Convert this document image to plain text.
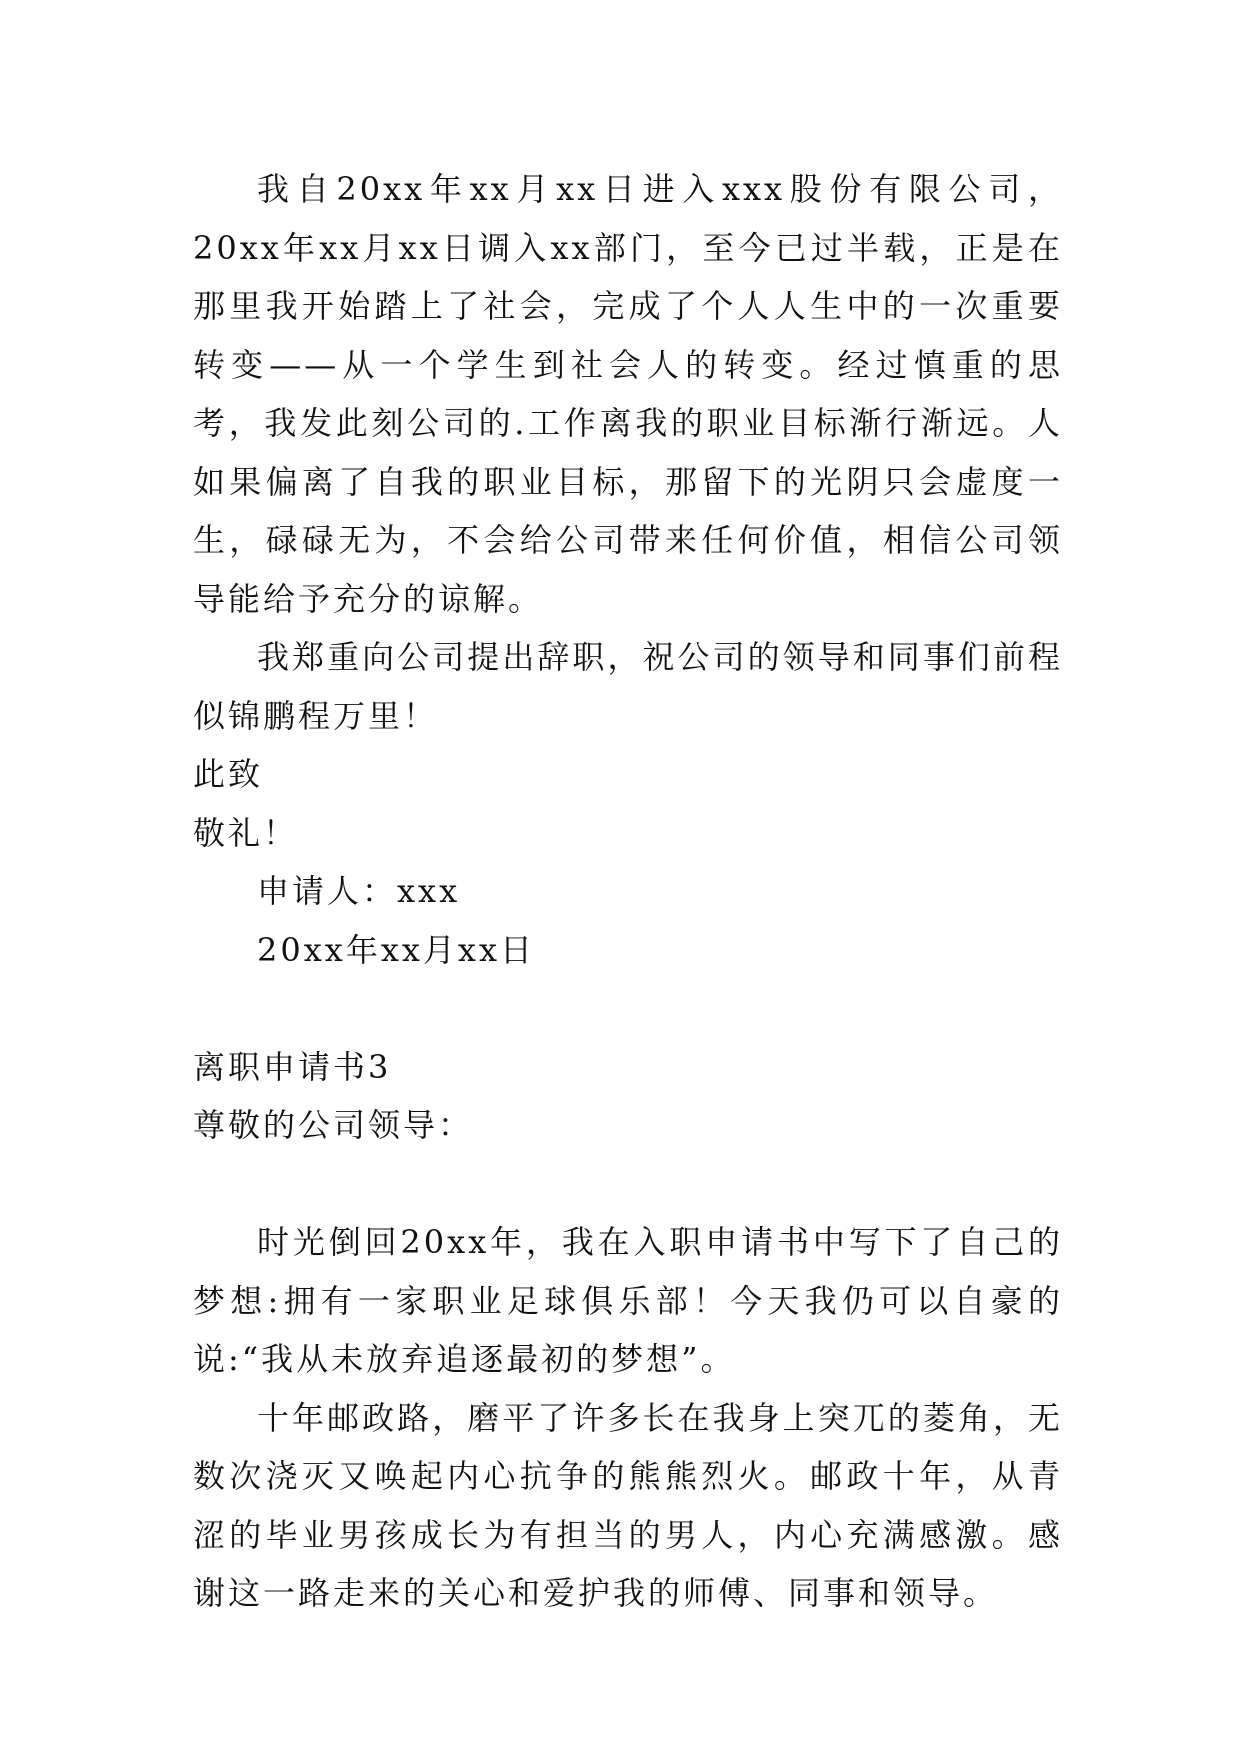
我自20xx年xx月xx日进入xxx股份有限公司，20xx年xx月xx日调入xx部门，至今已过半载，正是在那里我开始踏上了社会，完成了个人人生中的一次重要转变——从一个学生到社会人的转变。经过慎重的思考，我发此刻公司的.工作离我的职业目标渐行渐远。人如果偏离了自我的职业目标，那留下的光阴只会虚度一生，碌碌无为，不会给公司带来任何价值，相信公司领导能给予充分的谅解。

我郑重向公司提出辞职，祝公司的领导和同事们前程似锦鹏程万里！

此致

敬礼！

申请人：xxx

20xx年xx月xx日

离职申请书3

尊敬的公司领导：

时光倒回20xx年，我在入职申请书中写下了自己的梦想:拥有一家职业足球俱乐部！今天我仍可以自豪的说:“我从未放弃追逐最初的梦想”。

十年邮政路，磨平了许多长在我身上突兀的菱角，无数次浇灭又唤起内心抗争的熊熊烈火。邮政十年，从青涩的毕业男孩成长为有担当的男人，内心充满感激。感谢这一路走来的关心和爱护我的师傅、同事和领导。
